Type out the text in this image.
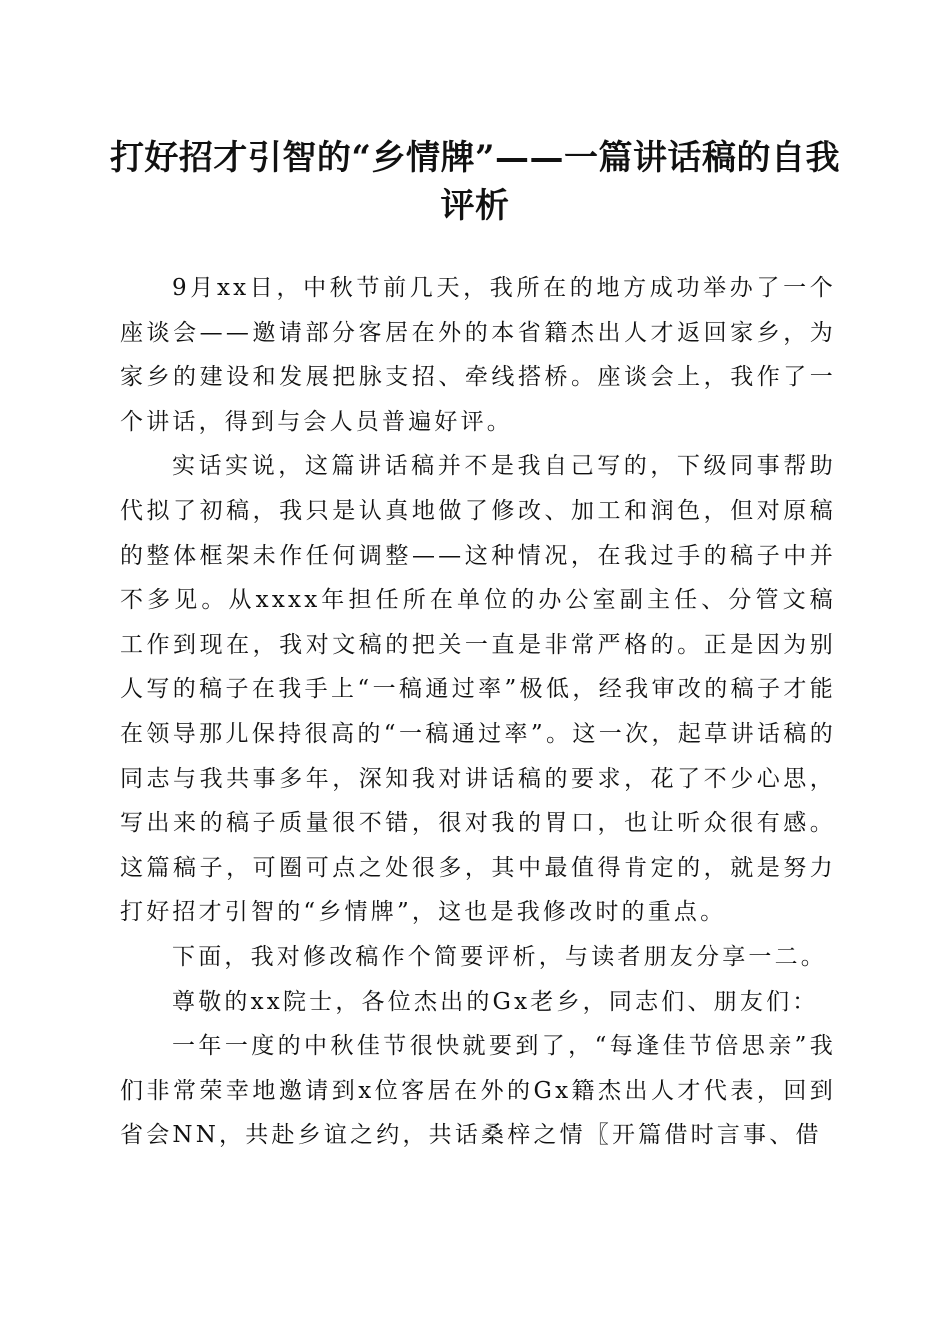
打好招才引智的“乡情牌”——一篇讲话稿的自我评析

9月xx日，中秋节前几天，我所在的地方成功举办了一个座谈会——邀请部分客居在外的本省籍杰出人才返回家乡，为家乡的建设和发展把脉支招、牵线搭桥。座谈会上，我作了一个讲话，得到与会人员普遍好评。

实话实说，这篇讲话稿并不是我自己写的，下级同事帮助代拟了初稿，我只是认真地做了修改、加工和润色，但对原稿的整体框架未作任何调整——这种情况，在我过手的稿子中并不多见。从xxxx年担任所在单位的办公室副主任、分管文稿工作到现在，我对文稿的把关一直是非常严格的。正是因为别人写的稿子在我手上“一稿通过率”极低，经我审改的稿子才能在领导那儿保持很高的“一稿通过率”。这一次，起草讲话稿的同志与我共事多年，深知我对讲话稿的要求，花了不少心思，写出来的稿子质量很不错，很对我的胃口，也让听众很有感。这篇稿子，可圈可点之处很多，其中最值得肯定的，就是努力打好招才引智的“乡情牌”，这也是我修改时的重点。

下面，我对修改稿作个简要评析，与读者朋友分享一二。

尊敬的xx院士，各位杰出的Gx老乡，同志们、朋友们：

一年一度的中秋佳节很快就要到了，“每逢佳节倍思亲”我们非常荣幸地邀请到x位客居在外的Gx籍杰出人才代表，回到省会NN，共赴乡谊之约，共话桑梓之情〖开篇借时言事、借
